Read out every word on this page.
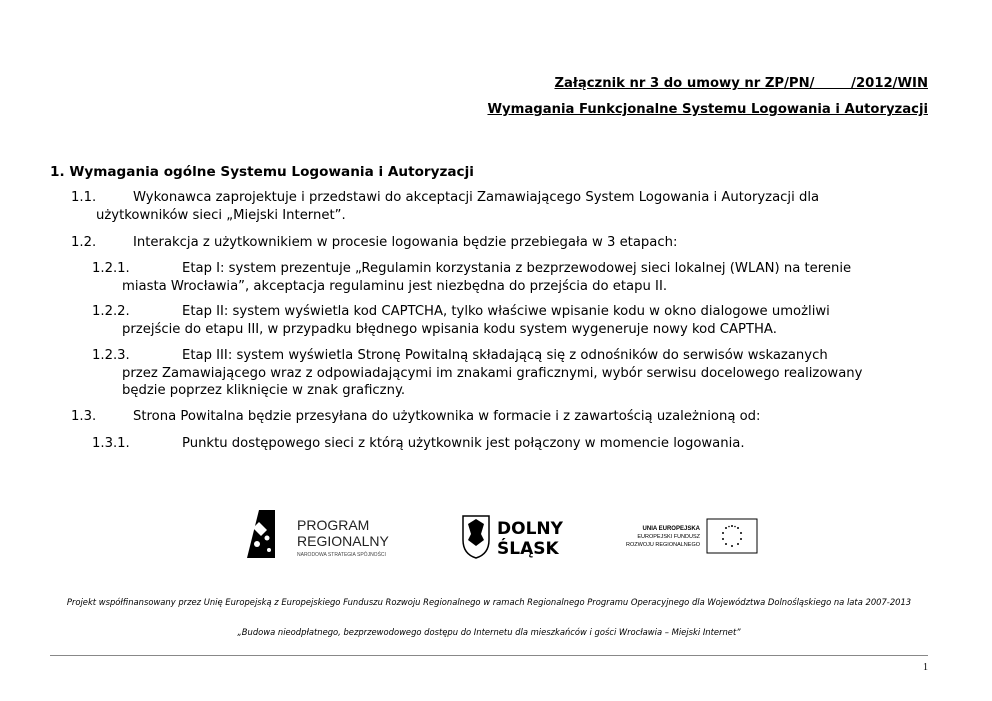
Załącznik nr 3 do umowy nr ZP/PN/        /2012/WIN
Wymagania Funkcjonalne Systemu Logowania i Autoryzacji
1. Wymagania ogólne Systemu Logowania i Autoryzacji
1.1.	Wykonawca zaprojektuje i przedstawi do akceptacji Zamawiającego System Logowania i Autoryzacji dla
użytkowników sieci „Miejski Internet”.
1.2.	Interakcja z użytkownikiem w procesie logowania będzie przebiegała w 3 etapach:
1.2.1.	Etap I: system prezentuje „Regulamin korzystania z bezprzewodowej sieci lokalnej (WLAN) na terenie
miasta Wrocławia”, akceptacja regulaminu jest niezbędna do przejścia do etapu II.
1.2.2.	Etap II: system wyświetla kod CAPTCHA, tylko właściwe wpisanie kodu w okno dialogowe umożliwi
przejście do etapu III, w przypadku błędnego wpisania kodu system wygeneruje nowy kod CAPTHA.
1.2.3.	Etap III: system wyświetla Stronę Powitalną składającą się z odnośników do serwisów wskazanych
przez Zamawiającego wraz z odpowiadającymi im znakami graficznymi, wybór serwisu docelowego realizowany
będzie poprzez kliknięcie w znak graficzny.
1.3.	Strona Powitalna będzie przesyłana do użytkownika w formacie i z zawartością uzależnioną od:
1.3.1.	Punktu dostępowego sieci z którą użytkownik jest połączony w momencie logowania.
PROGRAM
REGIONALNY
NARODOWA STRATEGIA SPÓJNOŚCI
DOLNY
ŚLĄSK
UNIA EUROPEJSKA
EUROPEJSKI FUNDUSZ
ROZWOJU REGIONALNEGO
Projekt współfinansowany przez Unię Europejską z Europejskiego Funduszu Rozwoju Regionalnego w ramach Regionalnego Programu Operacyjnego dla Województwa Dolnośląskiego na lata 2007-2013
„Budowa nieodpłatnego, bezprzewodowego dostępu do Internetu dla mieszkańców i gości Wrocławia – Miejski Internet”
1
